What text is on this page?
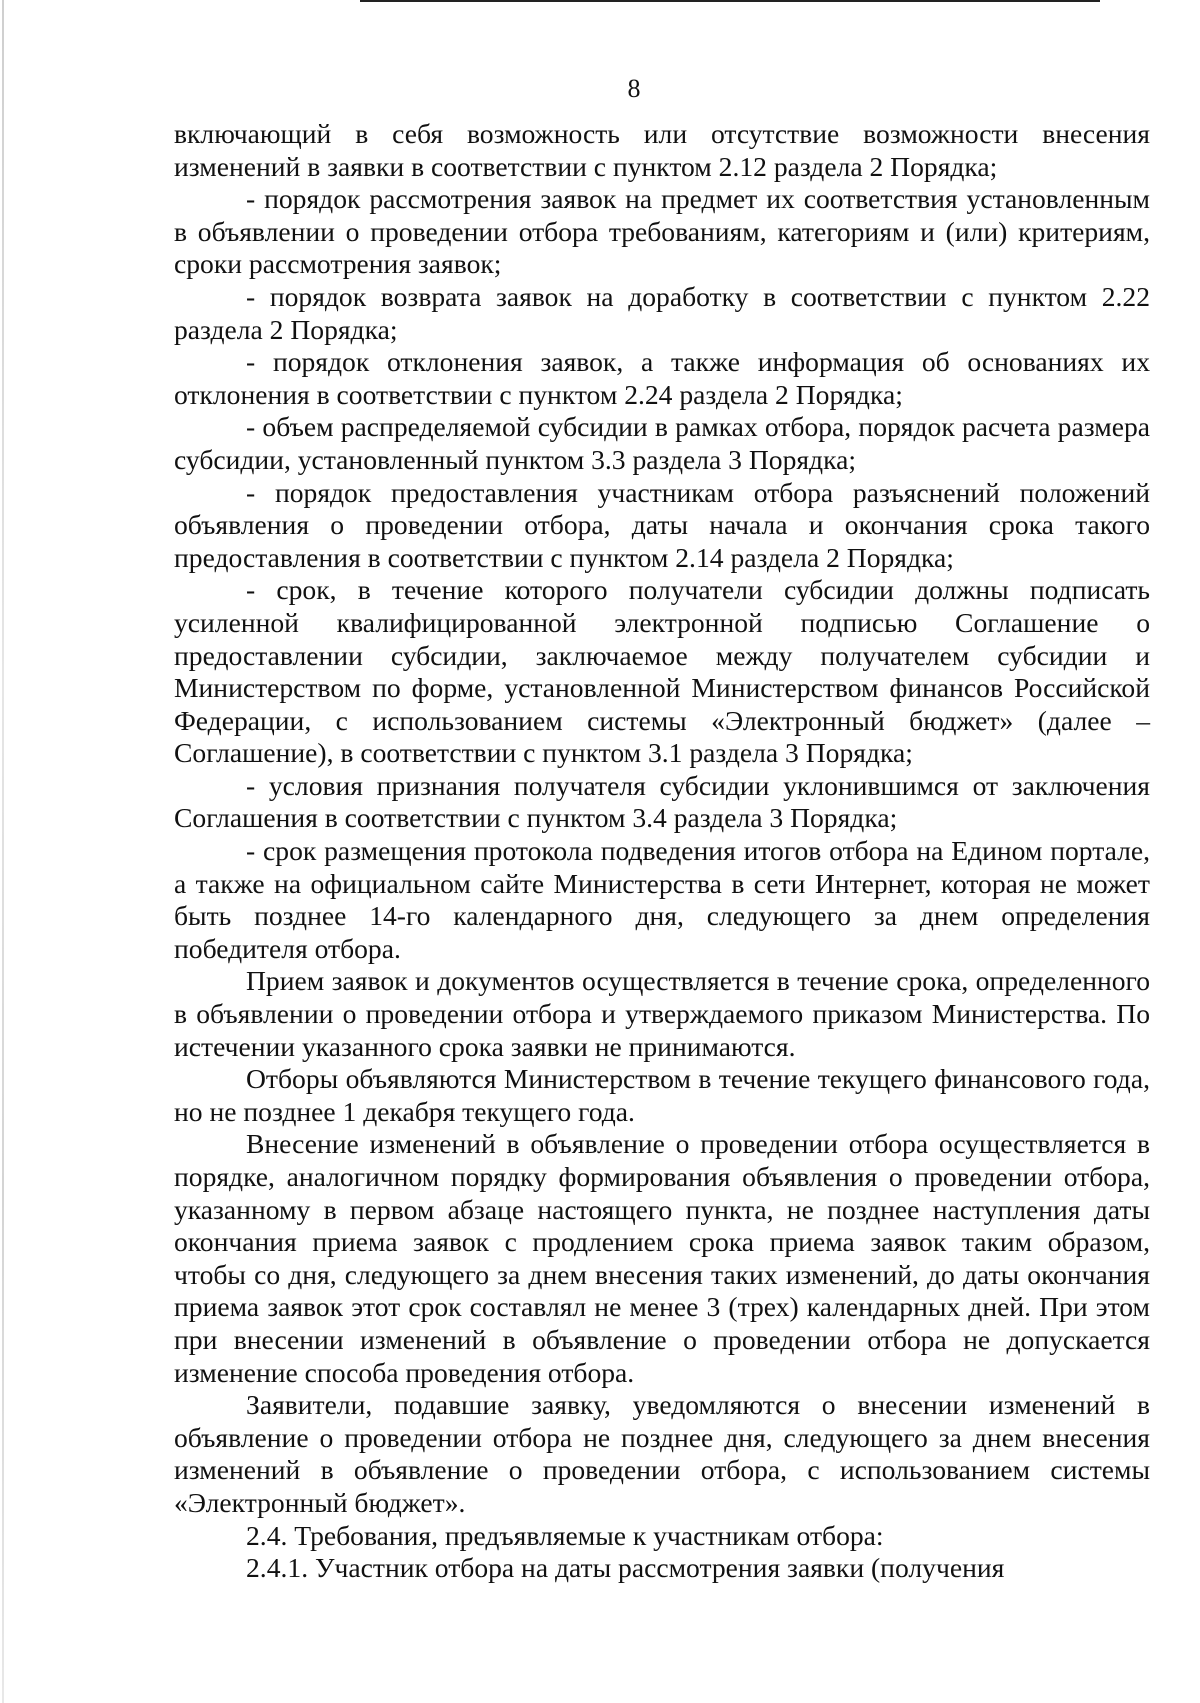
8

включающий в себя возможность или отсутствие возможности внесения изменений в заявки в соответствии с пунктом 2.12 раздела 2 Порядка;

- порядок рассмотрения заявок на предмет их соответствия установленным в объявлении о проведении отбора требованиям, категориям и (или) критериям, сроки рассмотрения заявок;

- порядок возврата заявок на доработку в соответствии с пунктом 2.22 раздела 2 Порядка;

- порядок отклонения заявок, а также информация об основаниях их отклонения в соответствии с пунктом 2.24 раздела 2 Порядка;

- объем распределяемой субсидии в рамках отбора, порядок расчета размера субсидии, установленный пунктом 3.3 раздела 3 Порядка;

- порядок предоставления участникам отбора разъяснений положений объявления о проведении отбора, даты начала и окончания срока такого предоставления в соответствии с пунктом 2.14 раздела 2 Порядка;

- срок, в течение которого получатели субсидии должны подписать усиленной квалифицированной электронной подписью Соглашение о предоставлении субсидии, заключаемое между получателем субсидии и Министерством по форме, установленной Министерством финансов Российской Федерации, с использованием системы «Электронный бюджет» (далее – Соглашение), в соответствии с пунктом 3.1 раздела 3 Порядка;

- условия признания получателя субсидии уклонившимся от заключения Соглашения в соответствии с пунктом 3.4 раздела 3 Порядка;

- срок размещения протокола подведения итогов отбора на Едином портале, а также на официальном сайте Министерства в сети Интернет, которая не может быть позднее 14-го календарного дня, следующего за днем определения победителя отбора.

Прием заявок и документов осуществляется в течение срока, определенного в объявлении о проведении отбора и утверждаемого приказом Министерства. По истечении указанного срока заявки не принимаются.

Отборы объявляются Министерством в течение текущего финансового года, но не позднее 1 декабря текущего года.

Внесение изменений в объявление о проведении отбора осуществляется в порядке, аналогичном порядку формирования объявления о проведении отбора, указанному в первом абзаце настоящего пункта, не позднее наступления даты окончания приема заявок с продлением срока приема заявок таким образом, чтобы со дня, следующего за днем внесения таких изменений, до даты окончания приема заявок этот срок составлял не менее 3 (трех) календарных дней. При этом при внесении изменений в объявление о проведении отбора не допускается изменение способа проведения отбора.

Заявители, подавшие заявку, уведомляются о внесении изменений в объявление о проведении отбора не позднее дня, следующего за днем внесения изменений в объявление о проведении отбора, с использованием системы «Электронный бюджет».

2.4. Требования, предъявляемые к участникам отбора:

2.4.1. Участник отбора на даты рассмотрения заявки (получения
